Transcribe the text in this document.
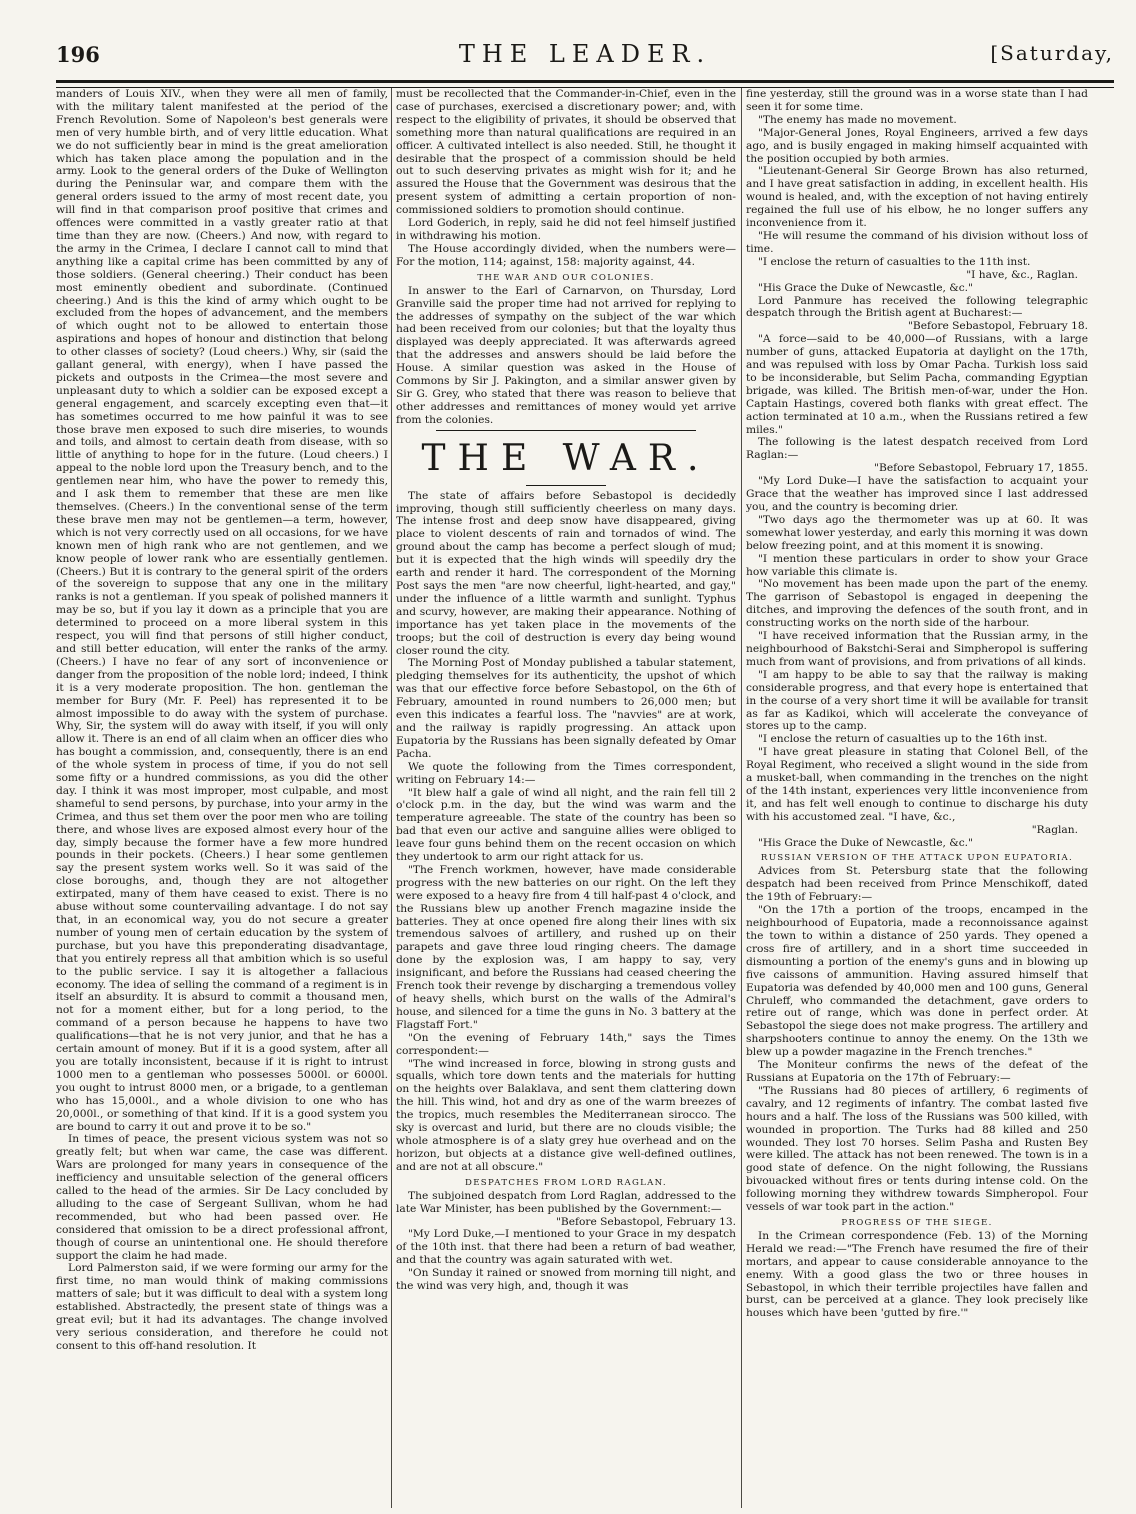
196	THE LEADER.	[Saturday,

manders of Louis XIV., when they were all men of family, with the military talent manifested at the period of the French Revolution. Some of Napoleon's best generals were men of very humble birth, and of very little education. What we do not sufficiently bear in mind is the great amelioration which has taken place among the population and in the army. Look to the general orders of the Duke of Wellington during the Peninsular war, and compare them with the general orders issued to the army of most recent date, you will find in that comparison proof positive that crimes and offences were committed in a vastly greater ratio at that time than they are now. (Cheers.) And now, with regard to the army in the Crimea, I declare I cannot call to mind that anything like a capital crime has been committed by any of those soldiers. (General cheering.) Their conduct has been most eminently obedient and subordinate. (Continued cheering.) And is this the kind of army which ought to be excluded from the hopes of advancement, and the members of which ought not to be allowed to entertain those aspirations and hopes of honour and distinction that belong to other classes of society? (Loud cheers.) Why, sir (said the gallant general, with energy), when I have passed the pickets and outposts in the Crimea—the most severe and unpleasant duty to which a soldier can be exposed except a general engagement, and scarcely excepting even that—it has sometimes occurred to me how painful it was to see those brave men exposed to such dire miseries, to wounds and toils, and almost to certain death from disease, with so little of anything to hope for in the future. (Loud cheers.) I appeal to the noble lord upon the Treasury bench, and to the gentlemen near him, who have the power to remedy this, and I ask them to remember that these are men like themselves. (Cheers.) In the conventional sense of the term these brave men may not be gentlemen—a term, however, which is not very correctly used on all occasions, for we have known men of high rank who are not gentlemen, and we know people of lower rank who are essentially gentlemen. (Cheers.) But it is contrary to the general spirit of the orders of the sovereign to suppose that any one in the military ranks is not a gentleman. If you speak of polished manners it may be so, but if you lay it down as a principle that you are determined to proceed on a more liberal system in this respect, you will find that persons of still higher conduct, and still better education, will enter the ranks of the army. (Cheers.) I have no fear of any sort of inconvenience or danger from the proposition of the noble lord; indeed, I think it is a very moderate proposition. The hon. gentleman the member for Bury (Mr. F. Peel) has represented it to be almost impossible to do away with the system of purchase. Why, Sir, the system will do away with itself, if you will only allow it. There is an end of all claim when an officer dies who has bought a commission, and, consequently, there is an end of the whole system in process of time, if you do not sell some fifty or a hundred commissions, as you did the other day. I think it was most improper, most culpable, and most shameful to send persons, by purchase, into your army in the Crimea, and thus set them over the poor men who are toiling there, and whose lives are exposed almost every hour of the day, simply because the former have a few more hundred pounds in their pockets. (Cheers.) I hear some gentlemen say the present system works well. So it was said of the close boroughs, and, though they are not altogether extirpated, many of them have ceased to exist. There is no abuse without some countervailing advantage. I do not say that, in an economical way, you do not secure a greater number of young men of certain education by the system of purchase, but you have this preponderating disadvantage, that you entirely repress all that ambition which is so useful to the public service. I say it is altogether a fallacious economy. The idea of selling the command of a regiment is in itself an absurdity. It is absurd to commit a thousand men, not for a moment either, but for a long period, to the command of a person because he happens to have two qualifications—that he is not very junior, and that he has a certain amount of money. But if it is a good system, after all you are totally inconsistent, because if it is right to intrust 1000 men to a gentleman who possesses 5000l. or 6000l. you ought to intrust 8000 men, or a brigade, to a gentleman who has 15,000l., and a whole division to one who has 20,000l., or something of that kind. If it is a good system you are bound to carry it out and prove it to be so."

In times of peace, the present vicious system was not so greatly felt; but when war came, the case was different. Wars are prolonged for many years in consequence of the inefficiency and unsuitable selection of the general officers called to the head of the armies. Sir De Lacy concluded by alluding to the case of Sergeant Sullivan, whom he had recommended, but who had been passed over. He considered that omission to be a direct professional affront, though of course an unintentional one. He should therefore support the claim he had made.

Lord Palmerston said, if we were forming our army for the first time, no man would think of making commissions matters of sale; but it was difficult to deal with a system long established. Abstractedly, the present state of things was a great evil; but it had its advantages. The change involved very serious consideration, and therefore he could not consent to this off-hand resolution. It

must be recollected that the Commander-in-Chief, even in the case of purchases, exercised a discretionary power; and, with respect to the eligibility of privates, it should be observed that something more than natural qualifications are required in an officer. A cultivated intellect is also needed. Still, he thought it desirable that the prospect of a commission should be held out to such deserving privates as might wish for it; and he assured the House that the Government was desirous that the present system of admitting a certain proportion of non-commissioned soldiers to promotion should continue.

Lord Goderich, in reply, said he did not feel himself justified in withdrawing his motion.

The House accordingly divided, when the numbers were—For the motion, 114; against, 158: majority against, 44.

THE WAR AND OUR COLONIES.

In answer to the Earl of Carnarvon, on Thursday, Lord Granville said the proper time had not arrived for replying to the addresses of sympathy on the subject of the war which had been received from our colonies; but that the loyalty thus displayed was deeply appreciated. It was afterwards agreed that the addresses and answers should be laid before the House. A similar question was asked in the House of Commons by Sir J. Pakington, and a similar answer given by Sir G. Grey, who stated that there was reason to believe that other addresses and remittances of money would yet arrive from the colonies.

THE WAR.

The state of affairs before Sebastopol is decidedly improving, though still sufficiently cheerless on many days. The intense frost and deep snow have disappeared, giving place to violent descents of rain and tornados of wind. The ground about the camp has become a perfect slough of mud; but it is expected that the high winds will speedily dry the earth and render it hard. The correspondent of the Morning Post says the men "are now cheerful, light-hearted, and gay," under the influence of a little warmth and sunlight. Typhus and scurvy, however, are making their appearance. Nothing of importance has yet taken place in the movements of the troops; but the coil of destruction is every day being wound closer round the city.

The Morning Post of Monday published a tabular statement, pledging themselves for its authenticity, the upshot of which was that our effective force before Sebastopol, on the 6th of February, amounted in round numbers to 26,000 men; but even this indicates a fearful loss. The "navvies" are at work, and the railway is rapidly progressing. An attack upon Eupatoria by the Russians has been signally defeated by Omar Pacha.

We quote the following from the Times correspondent, writing on February 14:—

"It blew half a gale of wind all night, and the rain fell till 2 o'clock p.m. in the day, but the wind was warm and the temperature agreeable. The state of the country has been so bad that even our active and sanguine allies were obliged to leave four guns behind them on the recent occasion on which they undertook to arm our right attack for us.

"The French workmen, however, have made considerable progress with the new batteries on our right. On the left they were exposed to a heavy fire from 4 till half-past 4 o'clock, and the Russians blew up another French magazine inside the batteries. They at once opened fire along their lines with six tremendous salvoes of artillery, and rushed up on their parapets and gave three loud ringing cheers. The damage done by the explosion was, I am happy to say, very insignificant, and before the Russians had ceased cheering the French took their revenge by discharging a tremendous volley of heavy shells, which burst on the walls of the Admiral's house, and silenced for a time the guns in No. 3 battery at the Flagstaff Fort."

"On the evening of February 14th," says the Times correspondent:—

"The wind increased in force, blowing in strong gusts and squalls, which tore down tents and the materials for hutting on the heights over Balaklava, and sent them clattering down the hill. This wind, hot and dry as one of the warm breezes of the tropics, much resembles the Mediterranean sirocco. The sky is overcast and lurid, but there are no clouds visible; the whole atmosphere is of a slaty grey hue overhead and on the horizon, but objects at a distance give well-defined outlines, and are not at all obscure."

DESPATCHES FROM LORD RAGLAN.

The subjoined despatch from Lord Raglan, addressed to the late War Minister, has been published by the Government:—

"Before Sebastopol, February 13.

"My Lord Duke,—I mentioned to your Grace in my despatch of the 10th inst. that there had been a return of bad weather, and that the country was again saturated with wet.

"On Sunday it rained or snowed from morning till night, and the wind was very high, and, though it was

fine yesterday, still the ground was in a worse state than I had seen it for some time.

"The enemy has made no movement.

"Major-General Jones, Royal Engineers, arrived a few days ago, and is busily engaged in making himself acquainted with the position occupied by both armies.

"Lieutenant-General Sir George Brown has also returned, and I have great satisfaction in adding, in excellent health. His wound is healed, and, with the exception of not having entirely regained the full use of his elbow, he no longer suffers any inconvenience from it.

"He will resume the command of his division without loss of time.

"I enclose the return of casualties to the 11th inst.

"I have, &c., Raglan.

"His Grace the Duke of Newcastle, &c."

Lord Panmure has received the following telegraphic despatch through the British agent at Bucharest:—

"Before Sebastopol, February 18.

"A force—said to be 40,000—of Russians, with a large number of guns, attacked Eupatoria at daylight on the 17th, and was repulsed with loss by Omar Pacha. Turkish loss said to be inconsiderable, but Selim Pacha, commanding Egyptian brigade, was killed. The British men-of-war, under the Hon. Captain Hastings, covered both flanks with great effect. The action terminated at 10 a.m., when the Russians retired a few miles."

The following is the latest despatch received from Lord Raglan:—

"Before Sebastopol, February 17, 1855.

"My Lord Duke—I have the satisfaction to acquaint your Grace that the weather has improved since I last addressed you, and the country is becoming drier.

"Two days ago the thermometer was up at 60. It was somewhat lower yesterday, and early this morning it was down below freezing point, and at this moment it is snowing.

"I mention these particulars in order to show your Grace how variable this climate is.

"No movement has been made upon the part of the enemy. The garrison of Sebastopol is engaged in deepening the ditches, and improving the defences of the south front, and in constructing works on the north side of the harbour.

"I have received information that the Russian army, in the neighbourhood of Bakstchi-Serai and Simpheropol is suffering much from want of provisions, and from privations of all kinds.

"I am happy to be able to say that the railway is making considerable progress, and that every hope is entertained that in the course of a very short time it will be available for transit as far as Kadikoi, which will accelerate the conveyance of stores up to the camp.

"I enclose the return of casualties up to the 16th inst.

"I have great pleasure in stating that Colonel Bell, of the Royal Regiment, who received a slight wound in the side from a musket-ball, when commanding in the trenches on the night of the 14th instant, experiences very little inconvenience from it, and has felt well enough to continue to discharge his duty with his accustomed zeal. "I have, &c.,

"Raglan.

"His Grace the Duke of Newcastle, &c."

RUSSIAN VERSION OF THE ATTACK UPON EUPATORIA.

Advices from St. Petersburg state that the following despatch had been received from Prince Menschikoff, dated the 19th of February:—

"On the 17th a portion of the troops, encamped in the neighbourhood of Eupatoria, made a reconnoissance against the town to within a distance of 250 yards. They opened a cross fire of artillery, and in a short time succeeded in dismounting a portion of the enemy's guns and in blowing up five caissons of ammunition. Having assured himself that Eupatoria was defended by 40,000 men and 100 guns, General Chruleff, who commanded the detachment, gave orders to retire out of range, which was done in perfect order. At Sebastopol the siege does not make progress. The artillery and sharpshooters continue to annoy the enemy. On the 13th we blew up a powder magazine in the French trenches."

The Moniteur confirms the news of the defeat of the Russians at Eupatoria on the 17th of February:—

"The Russians had 80 pieces of artillery, 6 regiments of cavalry, and 12 regiments of infantry. The combat lasted five hours and a half. The loss of the Russians was 500 killed, with wounded in proportion. The Turks had 88 killed and 250 wounded. They lost 70 horses. Selim Pasha and Rusten Bey were killed. The attack has not been renewed. The town is in a good state of defence. On the night following, the Russians bivouacked without fires or tents during intense cold. On the following morning they withdrew towards Simpheropol. Four vessels of war took part in the action."

PROGRESS OF THE SIEGE.

In the Crimean correspondence (Feb. 13) of the Morning Herald we read:—"The French have resumed the fire of their mortars, and appear to cause considerable annoyance to the enemy. With a good glass the two or three houses in Sebastopol, in which their terrible projectiles have fallen and burst, can be perceived at a glance. They look precisely like houses which have been 'gutted by fire.'"
